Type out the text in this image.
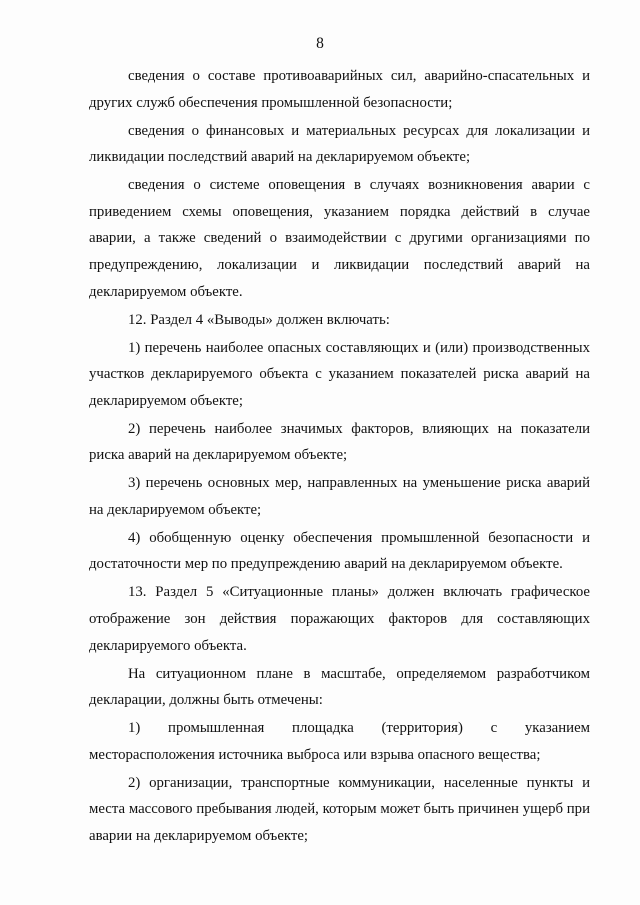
8

сведения о составе противоаварийных сил, аварийно-спасательных и других служб обеспечения промышленной безопасности;

сведения о финансовых и материальных ресурсах для локализации и ликвидации последствий аварий на декларируемом объекте;

сведения о системе оповещения в случаях возникновения аварии с приведением схемы оповещения, указанием порядка действий в случае аварии, а также сведений о взаимодействии с другими организациями по предупреждению, локализации и ликвидации последствий аварий на декларируемом объекте.

12. Раздел 4 «Выводы» должен включать:

1) перечень наиболее опасных составляющих и (или) производственных участков декларируемого объекта с указанием показателей риска аварий на декларируемом объекте;

2) перечень наиболее значимых факторов, влияющих на показатели риска аварий на декларируемом объекте;

3) перечень основных мер, направленных на уменьшение риска аварий на декларируемом объекте;

4) обобщенную оценку обеспечения промышленной безопасности и достаточности мер по предупреждению аварий на декларируемом объекте.

13. Раздел 5 «Ситуационные планы» должен включать графическое отображение зон действия поражающих факторов для составляющих декларируемого объекта.

На ситуационном плане в масштабе, определяемом разработчиком декларации, должны быть отмечены:

1) промышленная площадка (территория) с указанием месторасположения источника выброса или взрыва опасного вещества;

2) организации, транспортные коммуникации, населенные пункты и места массового пребывания людей, которым может быть причинен ущерб при аварии на декларируемом объекте;
